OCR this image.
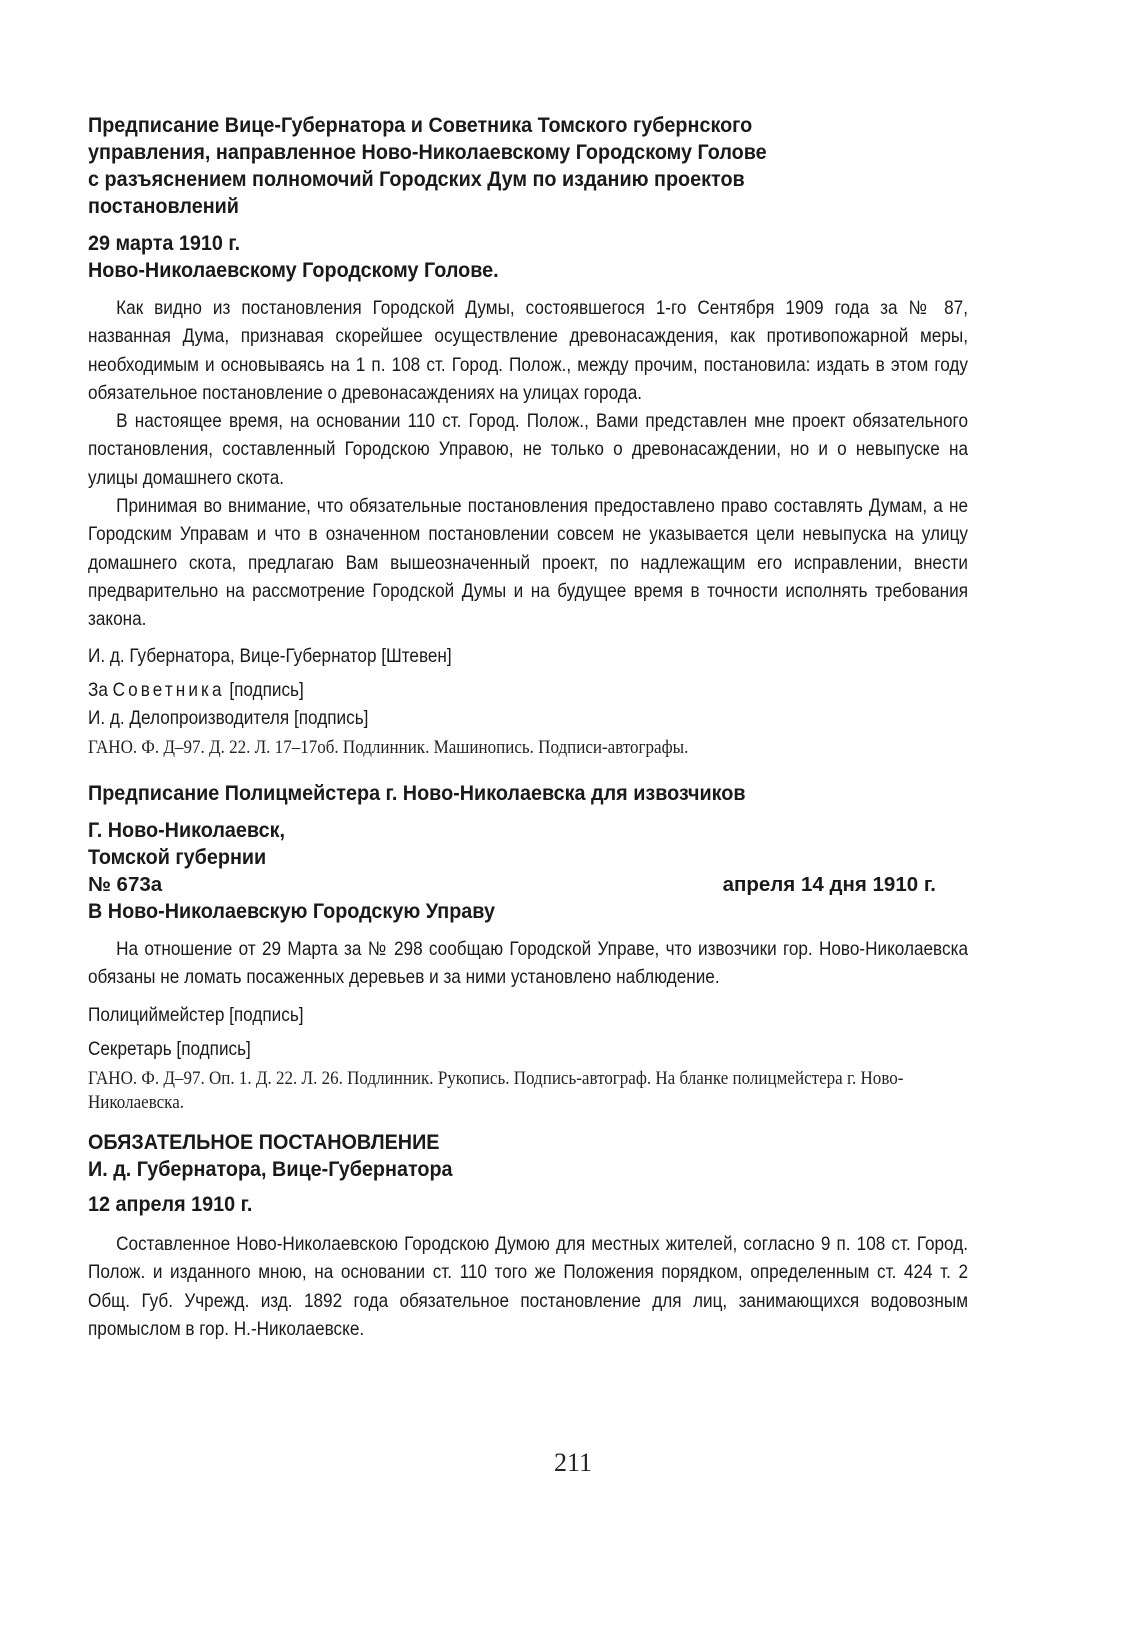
Предписание Вице-Губернатора и Советника Томского губернского
управления, направленное Ново-Николаевскому Городскому Голове
с разъяснением полномочий Городских Дум по изданию проектов
постановлений
29 марта 1910 г.
Ново-Николаевскому Городскому Голове.
Как видно из постановления Городской Думы, состоявшегося 1-го Сентября 1909 года за № 87, названная Дума, признавая скорейшее осуществление древонасаждения, как противопожарной меры, необходимым и основываясь на 1 п. 108 ст. Город. Полож., между прочим, постановила: издать в этом году обязательное постановление о древонасаждениях на улицах города.
В настоящее время, на основании 110 ст. Город. Полож., Вами представлен мне проект обязательного постановления, составленный Городскою Управою, не только о древонасаждении, но и о невыпуске на улицы домашнего скота.
Принимая во внимание, что обязательные постановления предоставлено право составлять Думам, а не Городским Управам и что в означенном постановлении совсем не указывается цели невыпуска на улицу домашнего скота, предлагаю Вам вышеозначенный проект, по надлежащим его исправлении, внести предварительно на рассмотрение Городской Думы и на будущее время в точности исполнять требования закона.
И. д. Губернатора, Вице-Губернатор [Штевен]
За Советника [подпись]
И. д. Делопроизводителя [подпись]
ГАНО. Ф. Д–97. Д. 22. Л. 17–17об. Подлинник. Машинопись. Подписи-автографы.
Предписание Полицмейстера г. Ново-Николаевска для извозчиков
Г. Ново-Николаевск,
Томской губернии
№ 673а	апреля 14 дня 1910 г.
В Ново-Николаевскую Городскую Управу
На отношение от 29 Марта за № 298 сообщаю Городской Управе, что извозчики гор. Ново-Николаевска обязаны не ломать посаженных деревьев и за ними установлено наблюдение.
Полициймейстер [подпись]
Секретарь [подпись]
ГАНО. Ф. Д–97. Оп. 1. Д. 22. Л. 26. Подлинник. Рукопись. Подпись-автограф. На бланке полицмейстера г. Ново-Николаевска.
ОБЯЗАТЕЛЬНОЕ ПОСТАНОВЛЕНИЕ
И. д. Губернатора, Вице-Губернатора
12 апреля 1910 г.
Составленное Ново-Николаевскою Городскою Думою для местных жителей, согласно 9 п. 108 ст. Город. Полож. и изданного мною, на основании ст. 110 того же Положения порядком, определенным ст. 424 т. 2 Общ. Губ. Учрежд. изд. 1892 года обязательное постановление для лиц, занимающихся водовозным промыслом в гор. Н.-Николаевске.
211
